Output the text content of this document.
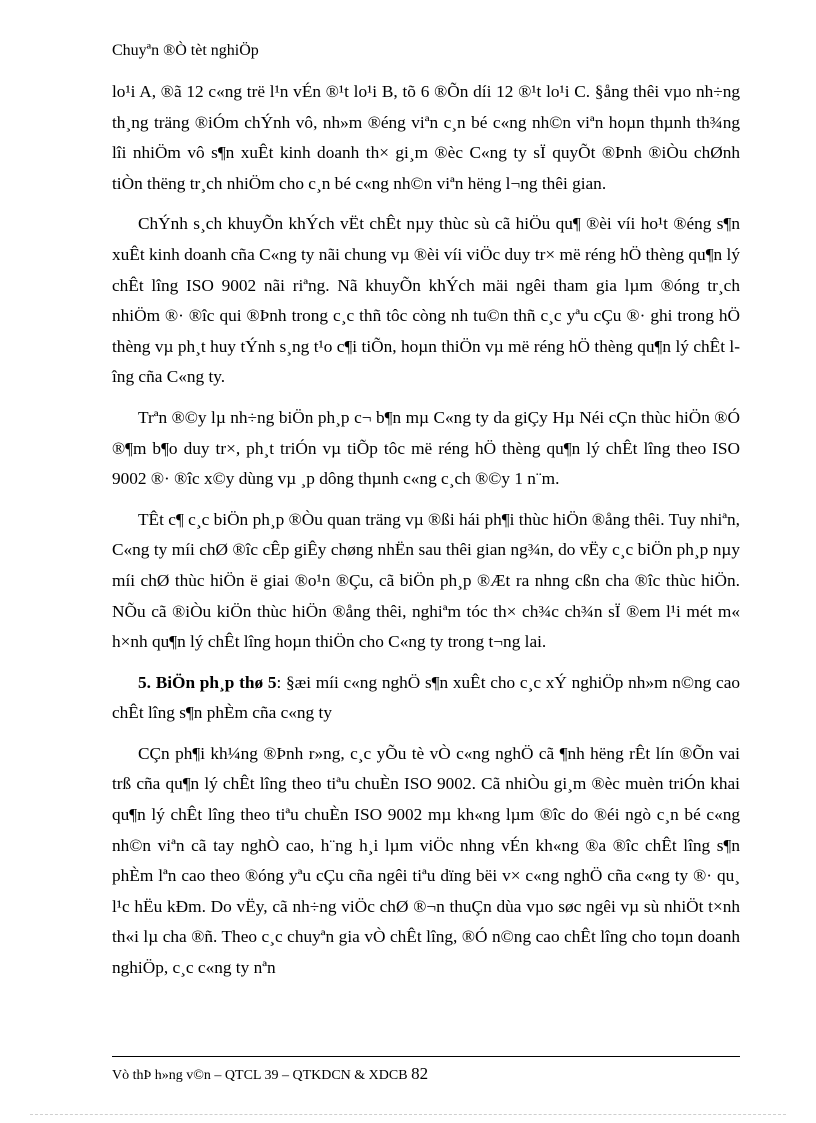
Chuyªn ®Ò tèt nghiÖp

lo¹i A, ®ã 12 c«ng trë l¹n vÉn ®¹t lo¹i B, tõ 6 ®Õn díi 12 ®¹t lo¹i C. §ång thêi vµo nh÷ng th¸ng träng ®iÓm chÝnh vô, nh»m ®éng viªn c¸n bé c«ng nh©n viªn hoµn thµnh th¾ng lîi nhiÖm vô s¶n xuÊt kinh doanh th× gi¸m ®èc C«ng ty sÏ quyÕt ®Þnh ®iÒu chØnh tiÒn thëng tr¸ch nhiÖm cho c¸n bé c«ng nh©n viªn hëng l¬ng thêi gian.

ChÝnh s¸ch khuyÕn khÝch vËt chÊt nµy thùc sù cã hiÖu qu¶ ®èi víi ho¹t ®éng s¶n xuÊt kinh doanh cña C«ng ty nãi chung vµ ®èi víi viÖc duy tr× më réng hÖ thèng qu¶n lý chÊt lîng ISO 9002 nãi riªng. Nã khuyÕn khÝch mäi ngêi tham gia lµm ®óng tr¸ch nhiÖm ®· ®îc qui ®Þnh trong c¸c thñ tôc còng nh tu©n thñ c¸c yªu cÇu ®· ghi trong hÖ thèng vµ ph¸t huy tÝnh s¸ng t¹o c¶i tiÕn, hoµn thiÖn vµ më réng hÖ thèng qu¶n lý chÊt lîng cña C«ng ty.

Trªn ®©y lµ nh÷ng biÖn ph¸p c¬ b¶n mµ C«ng ty da giÇy Hµ Néi cÇn thùc hiÖn ®Ó ®¶m b¶o duy tr×, ph¸t triÓn vµ tiÕp tôc më réng hÖ thèng qu¶n lý chÊt lîng theo ISO 9002 ®· ®îc x©y dùng vµ ¸p dông thµnh c«ng c¸ch ®©y 1 n¨m.

TÊt c¶ c¸c biÖn ph¸p ®Òu quan träng vµ ®ßi hái ph¶i thùc hiÖn ®ång thêi. Tuy nhiªn, C«ng ty míi chØ ®îc cÊp giÊy chøng nhËn sau thêi gian ng¾n, do vËy c¸c biÖn ph¸p nµy míi chØ thùc hiÖn ë giai ®o¹n ®Çu, cã biÖn ph¸p ®Æt ra nhng cßn cha ®îc thùc hiÖn. NÕu cã ®iÒu kiÖn thùc hiÖn ®ång thêi, nghiªm tóc th× ch¾c ch¾n sÏ ®em l¹i mét m« h×nh qu¶n lý chÊt lîng hoµn thiÖn cho C«ng ty trong t¬ng lai.

5. BiÖn ph¸p thø 5: §æi míi c«ng nghÖ s¶n xuÊt cho c¸c xÝ nghiÖp nh»m n©ng cao chÊt lîng s¶n phÈm cña c«ng ty

CÇn ph¶i kh¼ng ®Þnh r»ng, c¸c yÕu tè vÒ c«ng nghÖ cã ¶nh hëng rÊt lín ®Õn vai trß cña qu¶n lý chÊt lîng theo tiªu chuÈn ISO 9002. Cã nhiÒu gi¸m ®èc muèn triÓn khai qu¶n lý chÊt lîng theo tiªu chuÈn ISO 9002 mµ kh«ng lµm ®îc do ®éi ngò c¸n bé c«ng nh©n viªn cã tay nghÒ cao, h¨ng h¸i lµm viÖc nhng vÉn kh«ng ®a ®îc chÊt lîng s¶n phÈm lªn cao theo ®óng yªu cÇu cña ngêi tiªu dïng bëi v× c«ng nghÖ cña c«ng ty ®· qu¸ l¹c hËu kÐm. Do vËy, cã nh÷ng viÖc chØ ®¬n thuÇn dùa vµo søc ngêi vµ sù nhiÖt t×nh th«i lµ cha ®ñ. Theo c¸c chuyªn gia vÒ chÊt lîng, ®Ó n©ng cao chÊt lîng cho toµn doanh nghiÖp, c¸c c«ng ty nªn

Vò thÞ h»ng v©n – QTCL 39 – QTKDCN & XDCB 82
